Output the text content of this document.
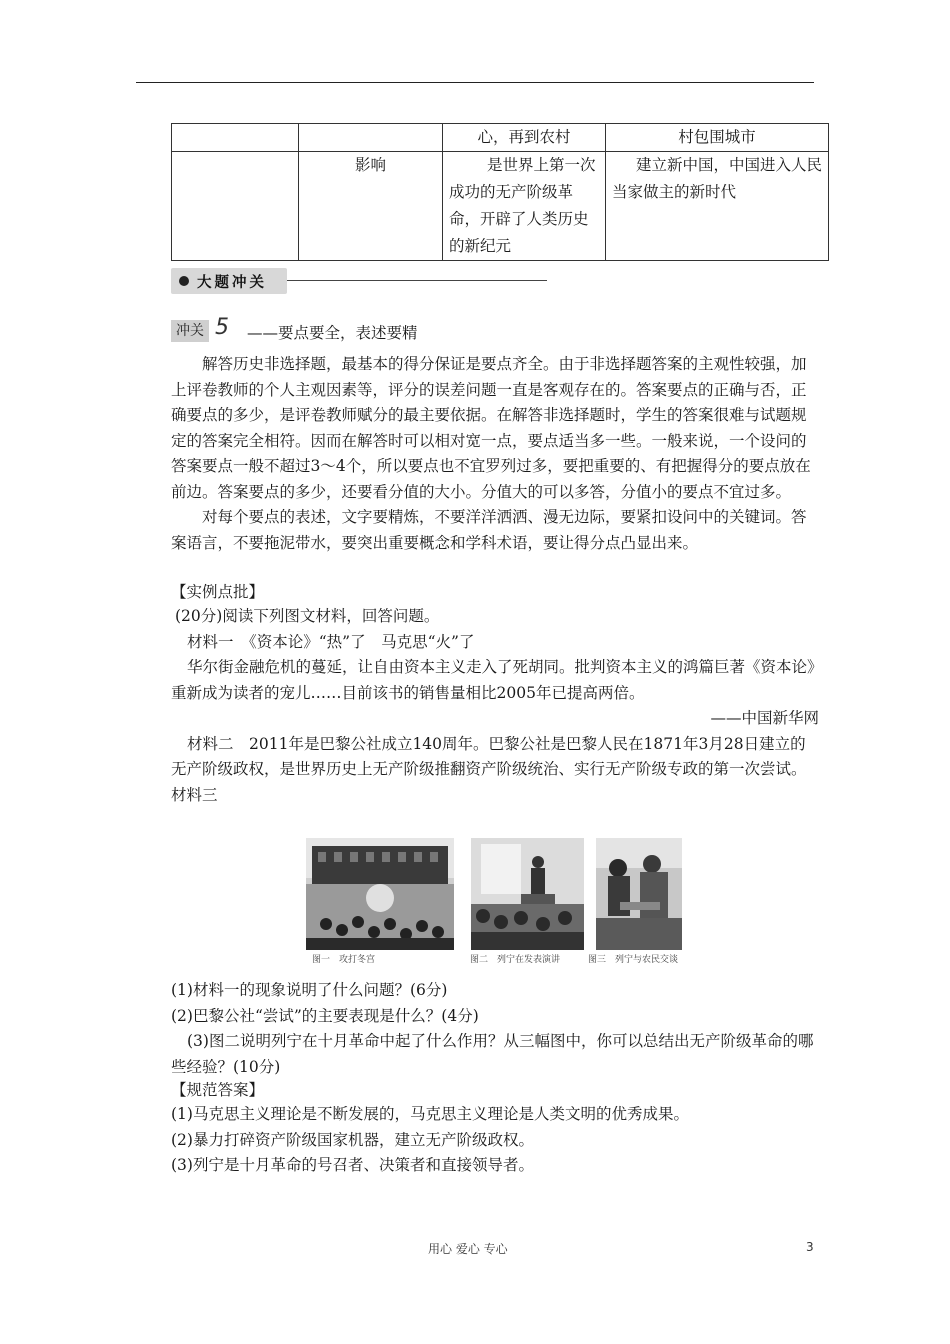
		心，再到农村	村包围城市
	影响	是世界上第一次成功的无产阶级革命，开辟了人类历史的新纪元	建立新中国，中国进入人民当家做主的新时代
大题冲关
冲关 5	——要点要全，表述要精

解答历史非选择题，最基本的得分保证是要点齐全。由于非选择题答案的主观性较强，加上评卷教师的个人主观因素等，评分的误差问题一直是客观存在的。答案要点的正确与否，正确要点的多少，是评卷教师赋分的最主要依据。在解答非选择题时，学生的答案很难与试题规定的答案完全相符。因而在解答时可以相对宽一点，要点适当多一些。一般来说，一个设问的答案要点一般不超过3～4个，所以要点也不宜罗列过多，要把重要的、有把握得分的要点放在前边。答案要点的多少，还要看分值的大小。分值大的可以多答，分值小的要点不宜过多。

对每个要点的表述，文字要精炼，不要洋洋洒洒、漫无边际，要紧扣设问中的关键词。答案语言，不要拖泥带水，要突出重要概念和学科术语，要让得分点凸显出来。

【实例点批】

(20分)阅读下列图文材料，回答问题。

材料一　《资本论》“热”了　马克思“火”了

华尔街金融危机的蔓延，让自由资本主义走入了死胡同。批判资本主义的鸿篇巨著《资本论》重新成为读者的宠儿……目前该书的销售量相比2005年已提高两倍。

——中国新华网

材料二　2011年是巴黎公社成立140周年。巴黎公社是巴黎人民在1871年3月28日建立的无产阶级政权，是世界历史上无产阶级推翻资产阶级统治、实行无产阶级专政的第一次尝试。

材料三

图一　攻打冬宫	图二　列宁在发表演讲	图三　列宁与农民交谈

(1)材料一的现象说明了什么问题？(6分)

(2)巴黎公社“尝试”的主要表现是什么？(4分)

(3)图二说明列宁在十月革命中起了什么作用？从三幅图中，你可以总结出无产阶级革命的哪些经验？(10分)

【规范答案】

(1)马克思主义理论是不断发展的，马克思主义理论是人类文明的优秀成果。

(2)暴力打碎资产阶级国家机器，建立无产阶级政权。

(3)列宁是十月革命的号召者、决策者和直接领导者。

用心 爱心 专心	3
